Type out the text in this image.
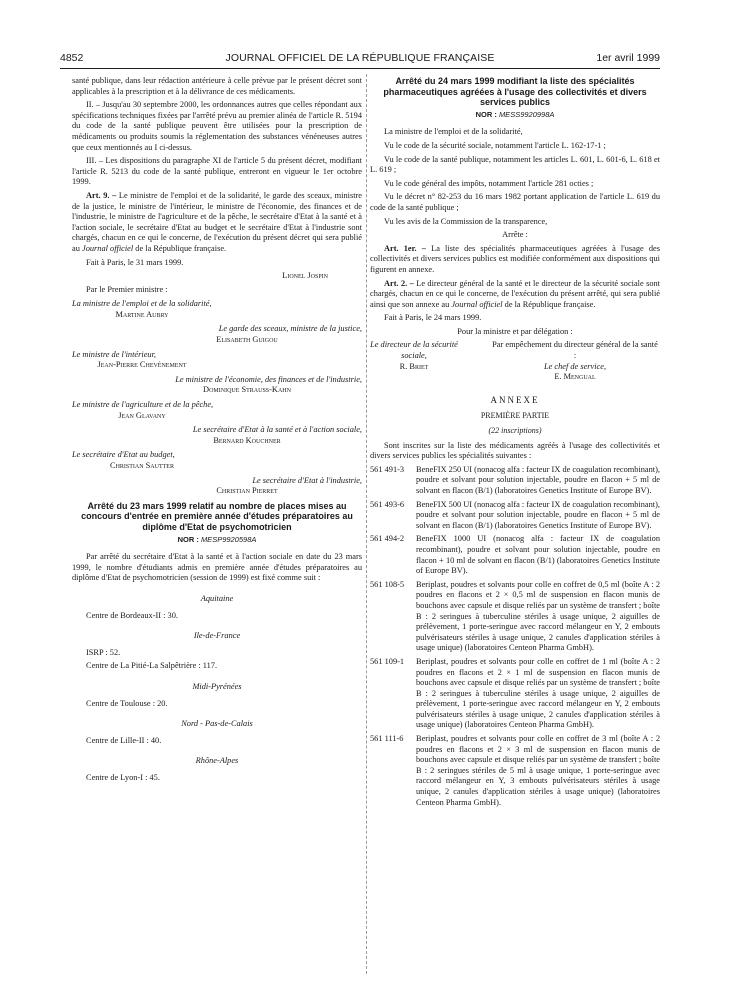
4852	JOURNAL OFFICIEL DE LA RÉPUBLIQUE FRANÇAISE	1er avril 1999

santé publique, dans leur rédaction antérieure à celle prévue par le présent décret sont applicables à la prescription et à la délivrance de ces médicaments.

II. – Jusqu'au 30 septembre 2000, les ordonnances autres que celles répondant aux spécifications techniques fixées par l'arrêté prévu au premier alinéa de l'article R. 5194 du code de la santé publique peuvent être utilisées pour la prescription de médicaments ou produits soumis la réglementation des substances vénéneuses autres que ceux mentionnés au I ci-dessus.

III. – Les dispositions du paragraphe XI de l'article 5 du présent décret, modifiant l'article R. 5213 du code de la santé publique, entreront en vigueur le 1er octobre 1999.

Art. 9. – Le ministre de l'emploi et de la solidarité, le garde des sceaux, ministre de la justice, le ministre de l'intérieur, le ministre de l'économie, des finances et de l'industrie, le ministre de l'agriculture et de la pêche, le secrétaire d'Etat à la santé et à l'action sociale, le secrétaire d'Etat au budget et le secrétaire d'Etat à l'industrie sont chargés, chacun en ce qui le concerne, de l'exécution du présent décret qui sera publié au Journal officiel de la République française.

Fait à Paris, le 31 mars 1999.

Lionel Jospin

Par le Premier ministre :

La ministre de l'emploi et de la solidarité,
Martine Aubry
Le garde des sceaux, ministre de la justice,
Elisabeth Guigou
Le ministre de l'intérieur,
Jean-Pierre Chevènement
Le ministre de l'économie, des finances et de l'industrie,
Dominique Strauss-Kahn
Le ministre de l'agriculture et de la pêche,
Jean Glavany
Le secrétaire d'Etat à la santé et à l'action sociale,
Bernard Kouchner
Le secrétaire d'Etat au budget,
Christian Sautter
Le secrétaire d'Etat à l'industrie,
Christian Pierret
Arrêté du 23 mars 1999 relatif au nombre de places mises au concours d'entrée en première année d'études préparatoires au diplôme d'Etat de psychomotricien
NOR : MESP9920598A

Par arrêté du secrétaire d'Etat à la santé et à l'action sociale en date du 23 mars 1999, le nombre d'étudiants admis en première année d'études préparatoires au diplôme d'Etat de psychomotricien (session de 1999) est fixé comme suit :

Aquitaine
Centre de Bordeaux-II : 30.
Ile-de-France
ISRP : 52.
Centre de La Pitié-La Salpêtrière : 117.
Midi-Pyrénées
Centre de Toulouse : 20.
Nord - Pas-de-Calais
Centre de Lille-II : 40.
Rhône-Alpes
Centre de Lyon-I : 45.
Arrêté du 24 mars 1999 modifiant la liste des spécialités pharmaceutiques agréées à l'usage des collectivités et divers services publics
NOR : MESS9920998A

La ministre de l'emploi et de la solidarité,

Vu le code de la sécurité sociale, notamment l'article L. 162-17-1 ;

Vu le code de la santé publique, notamment les articles L. 601, L. 601-6, L. 618 et L. 619 ;

Vu le code général des impôts, notamment l'article 281 octies ;

Vu le décret n° 82-253 du 16 mars 1982 portant application de l'article L. 619 du code de la santé publique ;

Vu les avis de la Commission de la transparence,

Arrête :

Art. 1er. – La liste des spécialités pharmaceutiques agréées à l'usage des collectivités et divers services publics est modifiée conformément aux dispositions qui figurent en annexe.

Art. 2. – Le directeur général de la santé et le directeur de la sécurité sociale sont chargés, chacun en ce qui le concerne, de l'exécution du présent arrêté, qui sera publié ainsi que son annexe au Journal officiel de la République française.

Fait à Paris, le 24 mars 1999.

Pour la ministre et par délégation :

Le directeur de la sécurité sociale,
R. Briet
Par empêchement du directeur général de la santé :
Le chef de service,
E. Mengual
ANNEXE
PREMIÈRE PARTIE
(22 inscriptions)

Sont inscrites sur la liste des médicaments agréés à l'usage des collectivités et divers services publics les spécialités suivantes :

561 491-3	BeneFIX 250 UI (nonacog alfa : facteur IX de coagulation recombinant), poudre et solvant pour solution injectable, poudre en flacon + 5 ml de solvant en flacon (B/1) (laboratoires Genetics Institute of Europe BV).
561 493-6	BeneFIX 500 UI (nonacog alfa : facteur IX de coagulation recombinant), poudre et solvant pour solution injectable, poudre en flacon + 5 ml de solvant en flacon (B/1) (laboratoires Genetics Institute of Europe BV).
561 494-2	BeneFIX 1000 UI (nonacog alfa : facteur IX de coagulation recombinant), poudre et solvant pour solution injectable, poudre en flacon + 10 ml de solvant en flacon (B/1) (laboratoires Genetics Institute of Europe BV).
561 108-5	Beriplast, poudres et solvants pour colle en coffret de 0,5 ml (boîte A : 2 poudres en flacons et 2 × 0,5 ml de suspension en flacon munis de bouchons avec capsule et disque reliés par un système de transfert ; boîte B : 2 seringues à tuberculine stériles à usage unique, 2 aiguilles de prélèvement, 1 porte-seringue avec raccord mélangeur en Y, 2 embouts pulvérisateurs stériles à usage unique, 2 canules d'application stériles à usage unique) (laboratoires Centeon Pharma GmbH).
561 109-1	Beriplast, poudres et solvants pour colle en coffret de 1 ml (boîte A : 2 poudres en flacons et 2 × 1 ml de suspension en flacon munis de bouchons avec capsule et disque reliés par un système de transfert ; boîte B : 2 seringues à tuberculine stériles à usage unique, 2 aiguilles de prélèvement, 1 porte-seringue avec raccord mélangeur en Y, 2 embouts pulvérisateurs stériles à usage unique, 2 canules d'application stériles à usage unique) (laboratoires Centeon Pharma GmbH).
561 111-6	Beriplast, poudres et solvants pour colle en coffret de 3 ml (boîte A : 2 poudres en flacons et 2 × 3 ml de suspension en flacon munis de bouchons avec capsule et disque reliés par un système de transfert ; boîte B : 2 seringues stériles de 5 ml à usage unique, 1 porte-seringue avec raccord mélangeur en Y, 3 embouts pulvérisateurs stériles à usage unique, 2 canules d'application stériles à usage unique) (laboratoires Centeon Pharma GmbH).
